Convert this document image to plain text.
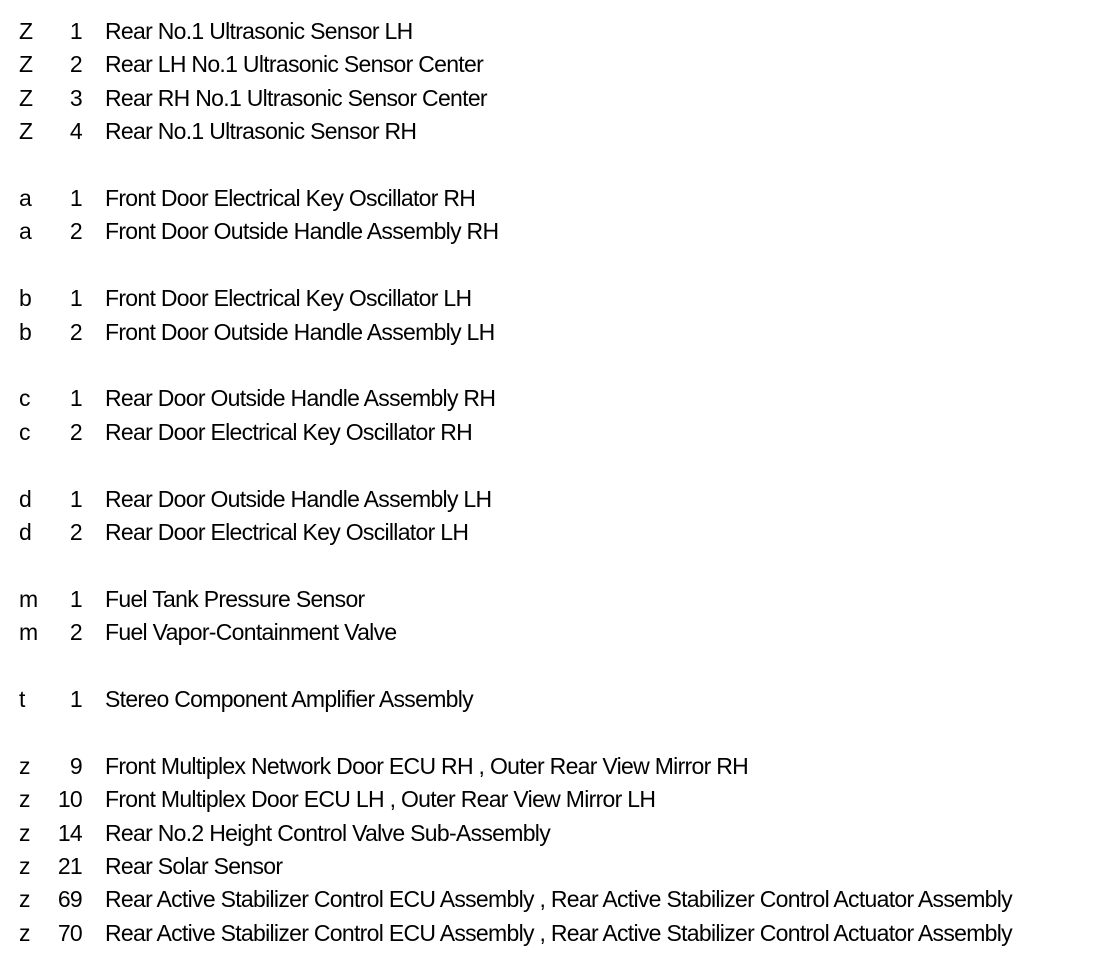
Z	1 Rear No.1 Ultrasonic Sensor LH
Z	2 Rear LH No.1 Ultrasonic Sensor Center
Z	3 Rear RH No.1 Ultrasonic Sensor Center
Z	4 Rear No.1 Ultrasonic Sensor RH
a	1 Front Door Electrical Key Oscillator RH
a	2 Front Door Outside Handle Assembly RH
b	1 Front Door Electrical Key Oscillator LH
b	2 Front Door Outside Handle Assembly LH
c	1 Rear Door Outside Handle Assembly RH
c	2 Rear Door Electrical Key Oscillator RH
d	1 Rear Door Outside Handle Assembly LH
d	2 Rear Door Electrical Key Oscillator LH
m	1 Fuel Tank Pressure Sensor
m	2 Fuel Vapor-Containment Valve
t	1 Stereo Component Amplifier Assembly
z	9 Front Multiplex Network Door ECU RH , Outer Rear View Mirror RH
z	10 Front Multiplex Door ECU LH , Outer Rear View Mirror LH
z	14 Rear No.2 Height Control Valve Sub-Assembly
z	21 Rear Solar Sensor
z	69 Rear Active Stabilizer Control ECU Assembly , Rear Active Stabilizer Control Actuator Assembly
z	70 Rear Active Stabilizer Control ECU Assembly , Rear Active Stabilizer Control Actuator Assembly
